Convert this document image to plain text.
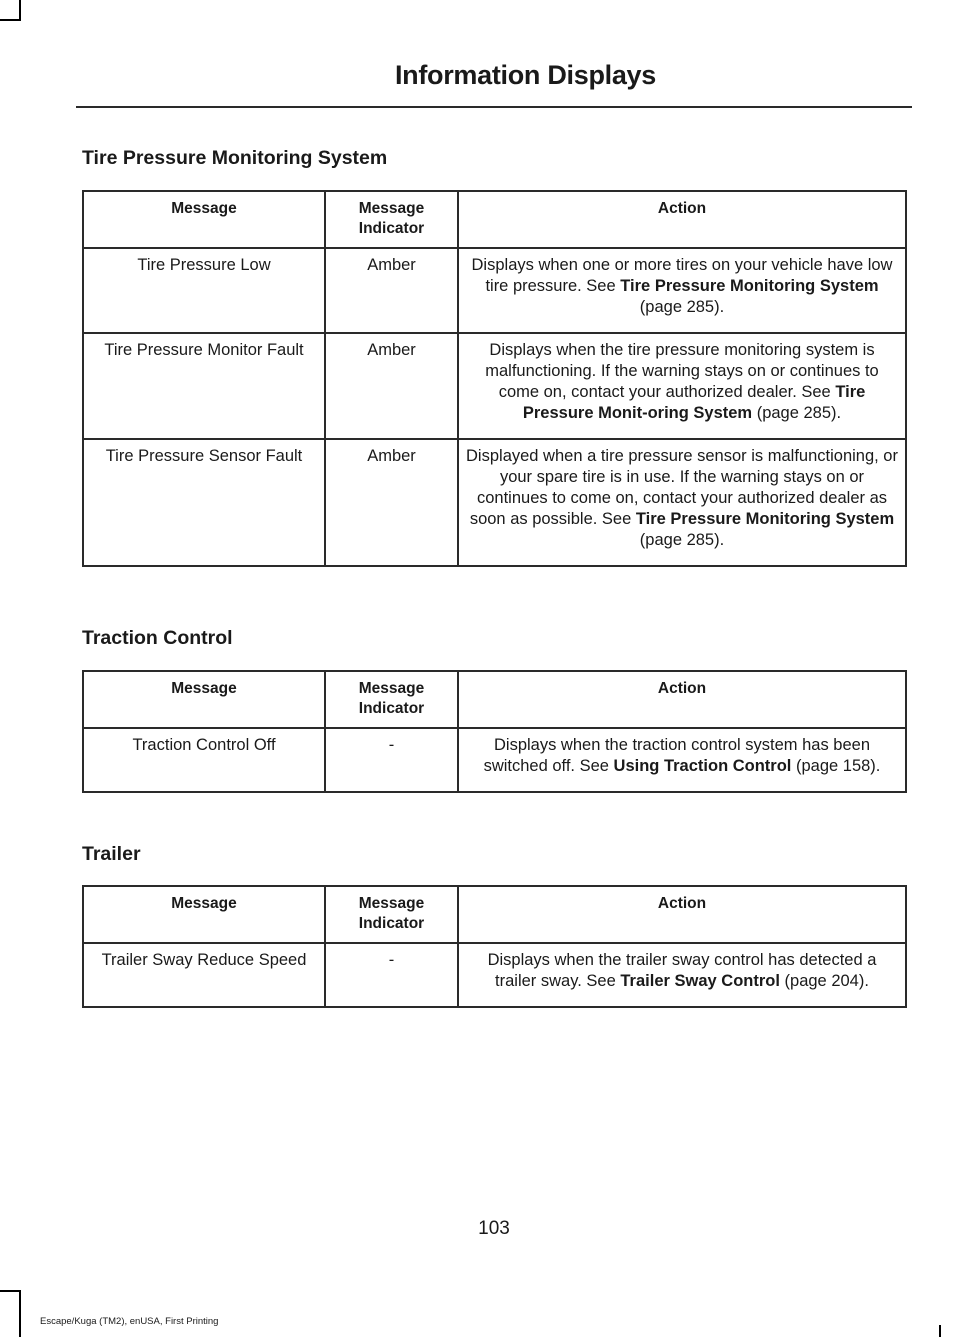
Information Displays
Tire Pressure Monitoring System
Message	Message Indicator	Action
Tire Pressure Low	Amber	Displays when one or more tires on your vehicle have low tire pressure. See Tire Pressure Monitoring System (page 285).
Tire Pressure Monitor Fault	Amber	Displays when the tire pressure monitoring system is malfunctioning. If the warning stays on or continues to come on, contact your authorized dealer. See Tire Pressure Monit-oring System (page 285).
Tire Pressure Sensor Fault	Amber	Displayed when a tire pressure sensor is malfunctioning, or your spare tire is in use. If the warning stays on or continues to come on, contact your authorized dealer as soon as possible. See Tire Pressure Monitoring System (page 285).
Traction Control
Message	Message Indicator	Action
Traction Control Off	-	Displays when the traction control system has been switched off. See Using Traction Control (page 158).
Trailer
Message	Message Indicator	Action
Trailer Sway Reduce Speed	-	Displays when the trailer sway control has detected a trailer sway. See Trailer Sway Control (page 204).
103
Escape/Kuga (TM2), enUSA, First Printing
